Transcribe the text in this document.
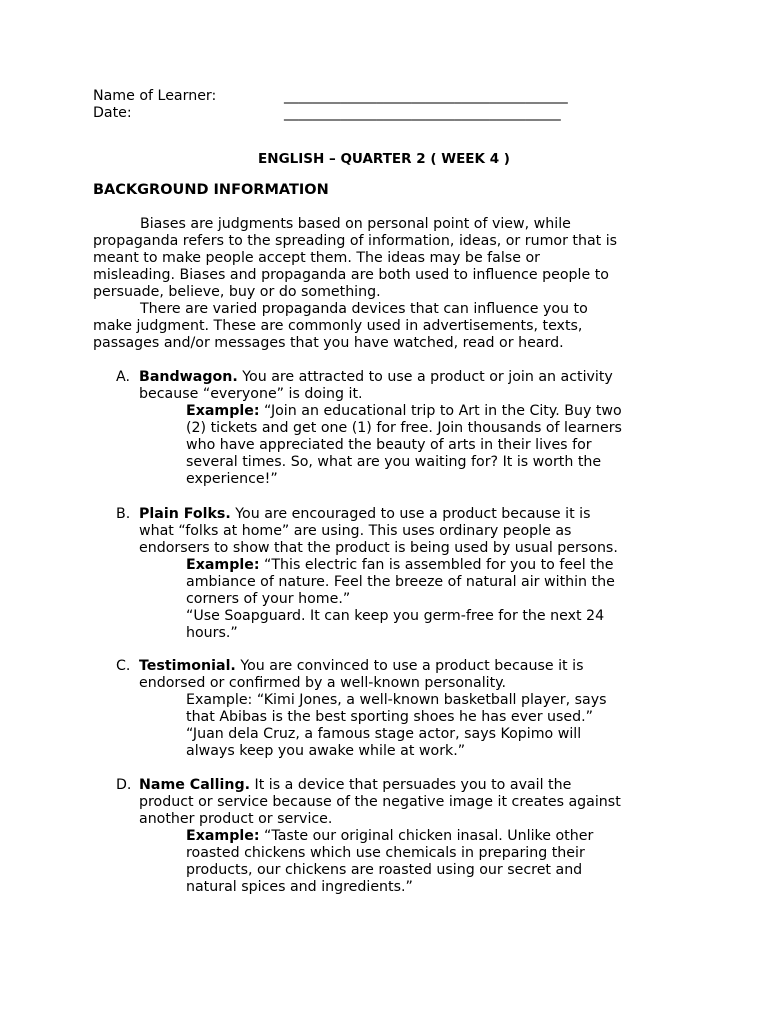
Name of Learner:

	________________________________________

Date:

	_______________________________________

ENGLISH – QUARTER 2 ( WEEK 4 )
BACKGROUND INFORMATION
Biases are judgments based on personal point of view, while
propaganda refers to the spreading of information, ideas, or rumor that is
meant to make people accept them. The ideas may be false or
misleading. Biases and propaganda are both used to influence people to
persuade, believe, buy or do something.
There are varied propaganda devices that can influence you to
make judgment. These are commonly used in advertisements, texts,
passages and/or messages that you have watched, read or heard.
A. Bandwagon. You are attracted to use a product or join an activity
because “everyone” is doing it.
Example: “Join an educational trip to Art in the City. Buy two
(2) tickets and get one (1) for free. Join thousands of learners
who have appreciated the beauty of arts in their lives for
several times. So, what are you waiting for? It is worth the
experience!”
B. Plain Folks. You are encouraged to use a product because it is
what “folks at home” are using. This uses ordinary people as
endorsers to show that the product is being used by usual persons.
Example: “This electric fan is assembled for you to feel the
ambiance of nature. Feel the breeze of natural air within the
corners of your home.”
“Use Soapguard. It can keep you germ-free for the next 24
hours.”
C. Testimonial. You are convinced to use a product because it is
endorsed or confirmed by a well-known personality.
Example: “Kimi Jones, a well-known basketball player, says
that Abibas is the best sporting shoes he has ever used.”
“Juan dela Cruz, a famous stage actor, says Kopimo will
always keep you awake while at work.”
D. Name Calling. It is a device that persuades you to avail the
product or service because of the negative image it creates against
another product or service.
Example: “Taste our original chicken inasal. Unlike other
roasted chickens which use chemicals in preparing their
products, our chickens are roasted using our secret and
natural spices and ingredients.”
